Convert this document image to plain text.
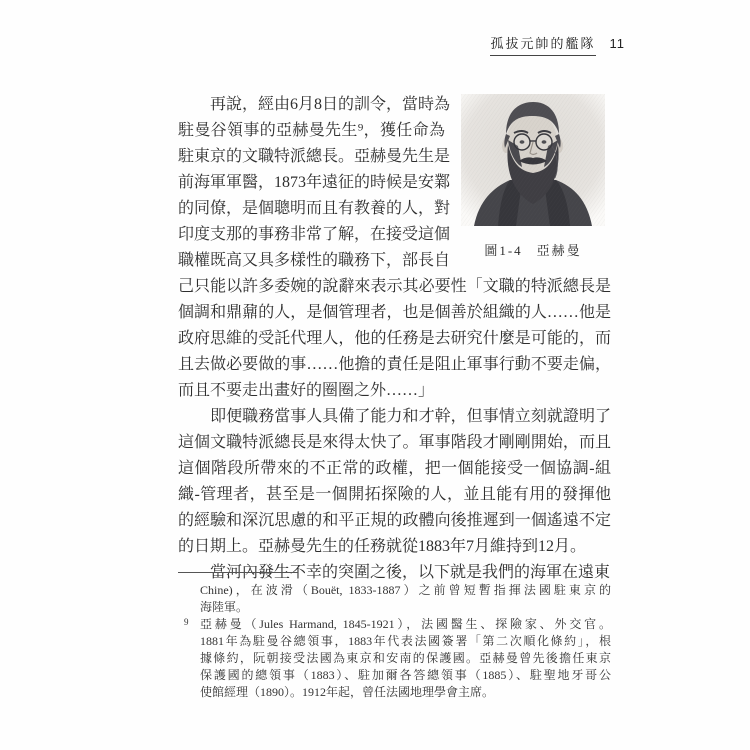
孤拔元帥的艦隊 11
圖1-4 亞赫曼
　　再說，經由6月8日的訓令，當時為
駐曼谷領事的亞赫曼先生⁹，獲任命為
駐東京的文職特派總長。亞赫曼先生是
前海軍軍醫，1873年遠征的時候是安鄴
的同僚，是個聰明而且有教養的人，對
印度支那的事務非常了解，在接受這個
職權既高又具多樣性的職務下，部長自
己只能以許多委婉的說辭來表示其必要性「文職的特派總長是
個調和鼎鼐的人，是個管理者，也是個善於組織的人……他是
政府思維的受託代理人，他的任務是去研究什麼是可能的，而
且去做必要做的事……他擔的責任是阻止軍事行動不要走偏，
而且不要走出畫好的圈圈之外……」
　　即便職務當事人具備了能力和才幹，但事情立刻就證明了
這個文職特派總長是來得太快了。軍事階段才剛剛開始，而且
這個階段所帶來的不正常的政權，把一個能接受一個協調-組
織-管理者，甚至是一個開拓探險的人，並且能有用的發揮他
的經驗和深沉思慮的和平正規的政體向後推遲到一個遙遠不定
的日期上。亞赫曼先生的任務就從1883年7月維持到12月。
　　當河內發生不幸的突圍之後，以下就是我們的海軍在遠東
Chine)，在波滑（Bouët, 1833-1887）之前曾短暫指揮法國駐東京的
海陸軍。
9 亞赫曼（Jules Harmand, 1845-1921），法國醫生、探險家、外交官。
1881年為駐曼谷總領事，1883年代表法國簽署「第二次順化條約」，根
據條約，阮朝接受法國為東京和安南的保護國。亞赫曼曾先後擔任東京
保護國的總領事（1883）、駐加爾各答總領事（1885）、駐聖地牙哥公
使館經理（1890）。1912年起，曾任法國地理學會主席。
